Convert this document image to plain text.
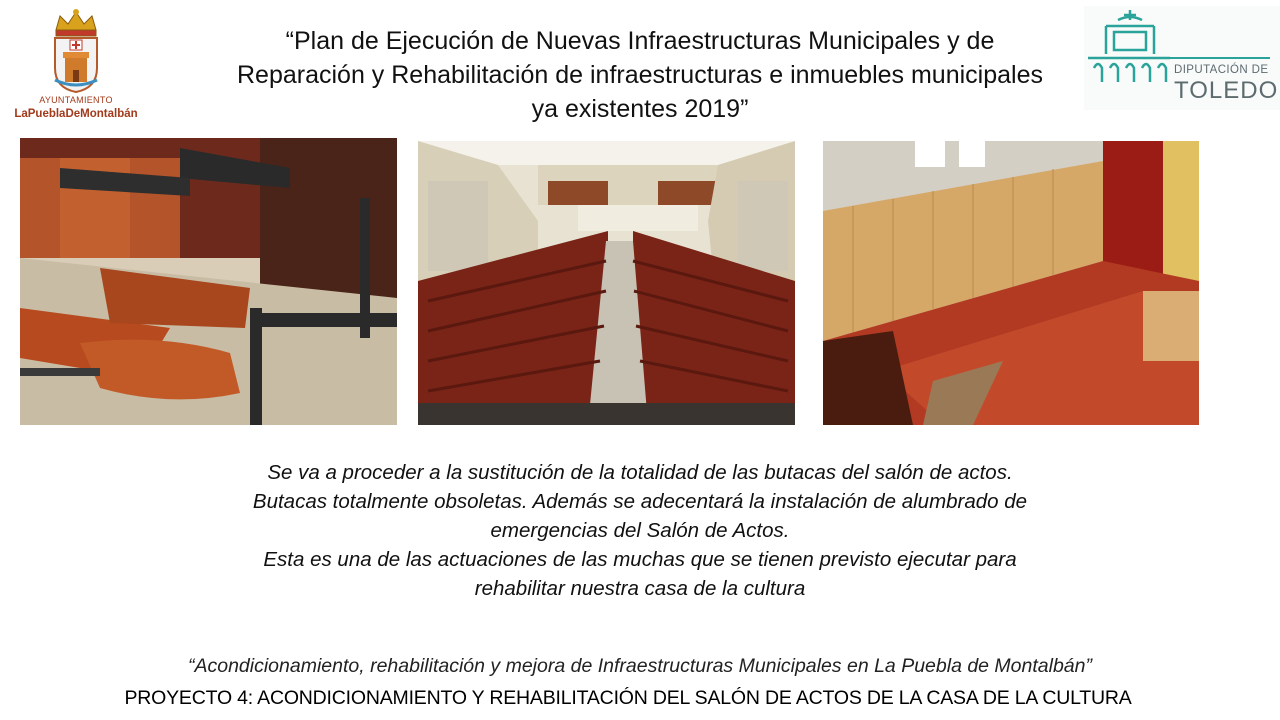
AYUNTAMIENTO
LaPueblaDeMontalbán
“Plan de Ejecución de Nuevas Infraestructuras Municipales y de
Reparación y Rehabilitación de infraestructuras e inmuebles municipales
ya existentes 2019”
DIPUTACIÓN DE
TOLEDO
Se va a proceder a la sustitución de la totalidad de las butacas del salón de actos.
Butacas totalmente obsoletas. Además se adecentará la instalación de alumbrado de
emergencias del Salón de Actos.
Esta es una de las actuaciones de las muchas que se tienen previsto ejecutar para
rehabilitar nuestra casa de la cultura
“Acondicionamiento, rehabilitación y mejora de Infraestructuras Municipales en La Puebla de Montalbán”
PROYECTO 4: ACONDICIONAMIENTO Y REHABILITACIÓN DEL SALÓN DE ACTOS DE LA CASA DE LA CULTURA
